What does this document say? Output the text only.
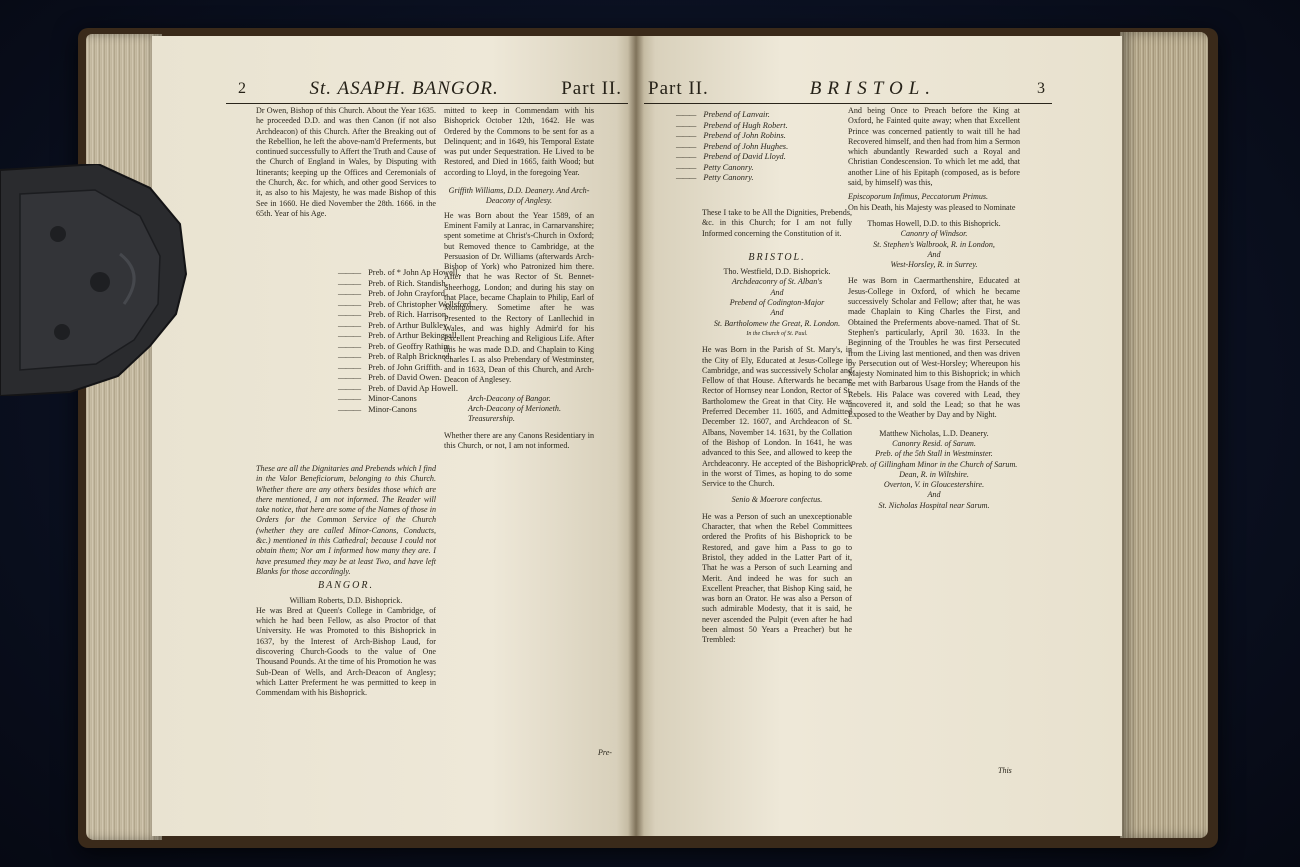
2	St. ASAPH. BANGOR.	Part II.

Dr Owen, Bishop of this Church. About the Year 1635. he proceeded D.D. and was then Canon (if not also Archdeacon) of this Church. After the Breaking out of the Rebellion, he left the above-nam'd Preferments, but continued successfully to Affert the Truth and Cause of the Church of England in Wales, by Disputing with Itinerants; keeping up the Offices and Ceremonials of the Church, &c. for which, and other good Services to it, as also to his Majesty, he was made Bishop of this See in 1660. He died November the 28th. 1666. in the 65th. Year of his Age.

——— Preb. of * John Ap Howell.
——— Preb. of Rich. Standish.
——— Preb. of John Crayford.
——— Preb. of Christopher Wellsford.
——— Preb. of Rich. Harrison.
——— Preb. of Arthur Bulkley.
——— Preb. of Arthur Bekingsall.
——— Preb. of Geoffry Rathim.
——— Preb. of Ralph Brickned.
——— Preb. of John Griffith.
——— Preb. of David Owen.
——— Preb. of David Ap Howell.
——— Minor-Canons
——— Minor-Canons

These are all the Dignitaries and Prebends which I find in the Valor Beneficiorum, belonging to this Church. Whether there are any others besides those which are there mentioned, I am not informed. The Reader will take notice, that here are some of the Names of those in Orders for the Common Service of the Church (whether they are called Minor-Canons, Conducts, &c.) mentioned in this Cathedral; because I could not obtain them; Nor am I informed how many they are. I have presumed they may be at least Two, and have left Blanks for those accordingly.

BANGOR.

William Roberts, D.D. Bishoprick.

He was Bred at Queen's College in Cambridge, of which he had been Fellow, as also Proctor of that University. He was Promoted to this Bishoprick in 1637, by the Interest of Arch-Bishop Laud, for discovering Church-Goods to the value of One Thousand Pounds. At the time of his Promotion he was Sub-Dean of Wells, and Arch-Deacon of Anglesy; which Latter Preferment he was permitted to keep in Commendam with his Bishoprick.

mitted to keep in Commendam with his Bishoprick October 12th, 1642. He was Ordered by the Commons to be sent for as a Delinquent; and in 1649, his Temporal Estate was put under Sequestration. He Lived to be Restored, and Died in 1665, faith Wood; but according to Lloyd, in the foregoing Year.

Griffith Williams, D.D. Deanery. And Arch-Deacony of Anglesy.

He was Born about the Year 1589, of an Eminent Family at Lanrac, in Carnarvanshire; spent sometime at Christ's-Church in Oxford; but Removed thence to Cambridge, at the Persuasion of Dr. Williams (afterwards Arch-Bishop of York) who Patronized him there. After that he was Rector of St. Bennet-Sheerhogg, London; and during his stay on that Place, became Chaplain to Philip, Earl of Montgomery. Sometime after he was Presented to the Rectory of Lanllechid in Wales, and was highly Admir'd for his Excellent Preaching and Religious Life. After this he was made D.D. and Chaplain to King Charles I. as also Prebendary of Westminster, and in 1633, Dean of this Church, and Arch-Deacon of Anglesey.

Arch-Deacony of Bangor.
Arch-Deacony of Merioneth.
Treasurership.

Whether there are any Canons Residentiary in this Church, or not, I am not informed.

Pre-
Part II.	BRISTOL.	3
——— Prebend of Lanvair.
——— Prebend of Hugh Robert.
——— Prebend of John Robins.
——— Prebend of John Hughes.
——— Prebend of David Lloyd.
——— Petty Canonry.
——— Petty Canonry.

These I take to be All the Dignities, Prebends, &c. in this Church; for I am not fully Informed concerning the Constitution of it.

BRISTOL.

Tho. Westfield, D.D. Bishoprick.

Archdeaconry of St. Alban's
And
Prebend of Codington-Major
And
St. Bartholomew the Great, R. London.
In the Church of St. Paul.

He was Born in the Parish of St. Mary's, in the City of Ely, Educated at Jesus-College in Cambridge, and was successively Scholar and Fellow of that House. Afterwards he became Rector of Hornsey near London, Rector of St. Bartholomew the Great in that City. He was Preferred December 11. 1605, and Admitted December 12. 1607, and Archdeacon of St. Albans, November 14. 1631, by the Collation of the Bishop of London. In 1641, he was advanced to this See, and allowed to keep the Archdeaconry. He accepted of the Bishoprick in the worst of Times, as hoping to do some Service to the Church.

Senio & Moerore confectus.

He was a Person of such an unexceptionable Character, that when the Rebel Committees ordered the Profits of his Bishoprick to be Restored, and gave him a Pass to go to Bristol, they added in the Latter Part of it, That he was a Person of such Learning and Merit. And indeed he was for such an Excellent Preacher, that Bishop King said, he was born an Orator. He was also a Person of such admirable Modesty, that it is said, he never ascended the Pulpit (even after he had been almost 50 Years a Preacher) but he Trembled:

And being Once to Preach before the King at Oxford, he Fainted quite away; when that Excellent Prince was concerned patiently to wait till he had Recovered himself, and then had from him a Sermon which abundantly Rewarded such a Royal and Christian Condescension. To which let me add, that another Line of his Epitaph (composed, as is before said, by himself) was this,

Episcoporum Infimus, Peccatorum Primus.

On his Death, his Majesty was pleased to Nominate

Thomas Howell, D.D. to this Bishoprick.

Canonry of Windsor.
St. Stephen's Walbrook, R. in London,
And
West-Horsley, R. in Surrey.

He was Born in Caermarthenshire, Educated at Jesus-College in Oxford, of which he became successively Scholar and Fellow; after that, he was made Chaplain to King Charles the First, and Obtained the Preferments above-named. That of St. Stephen's particularly, April 30. 1633. In the Beginning of the Troubles he was first Persecuted from the Living last mentioned, and then was driven by Persecution out of West-Horsley; Whereupon his Majesty Nominated him to this Bishoprick; in which he met with Barbarous Usage from the Hands of the Rebels. His Palace was covered with Lead, they uncovered it, and sold the Lead; so that he was Exposed to the Weather by Day and by Night.

Matthew Nicholas, L.D. Deanery.

Canonry Resid. of Sarum.
Preb. of the 5th Stall in Westminster.
Preb. of Gillingham Minor in the Church of Sarum.
Dean, R. in Wiltshire.
Overton, V. in Gloucestershire.
And
St. Nicholas Hospital near Sarum.
This
